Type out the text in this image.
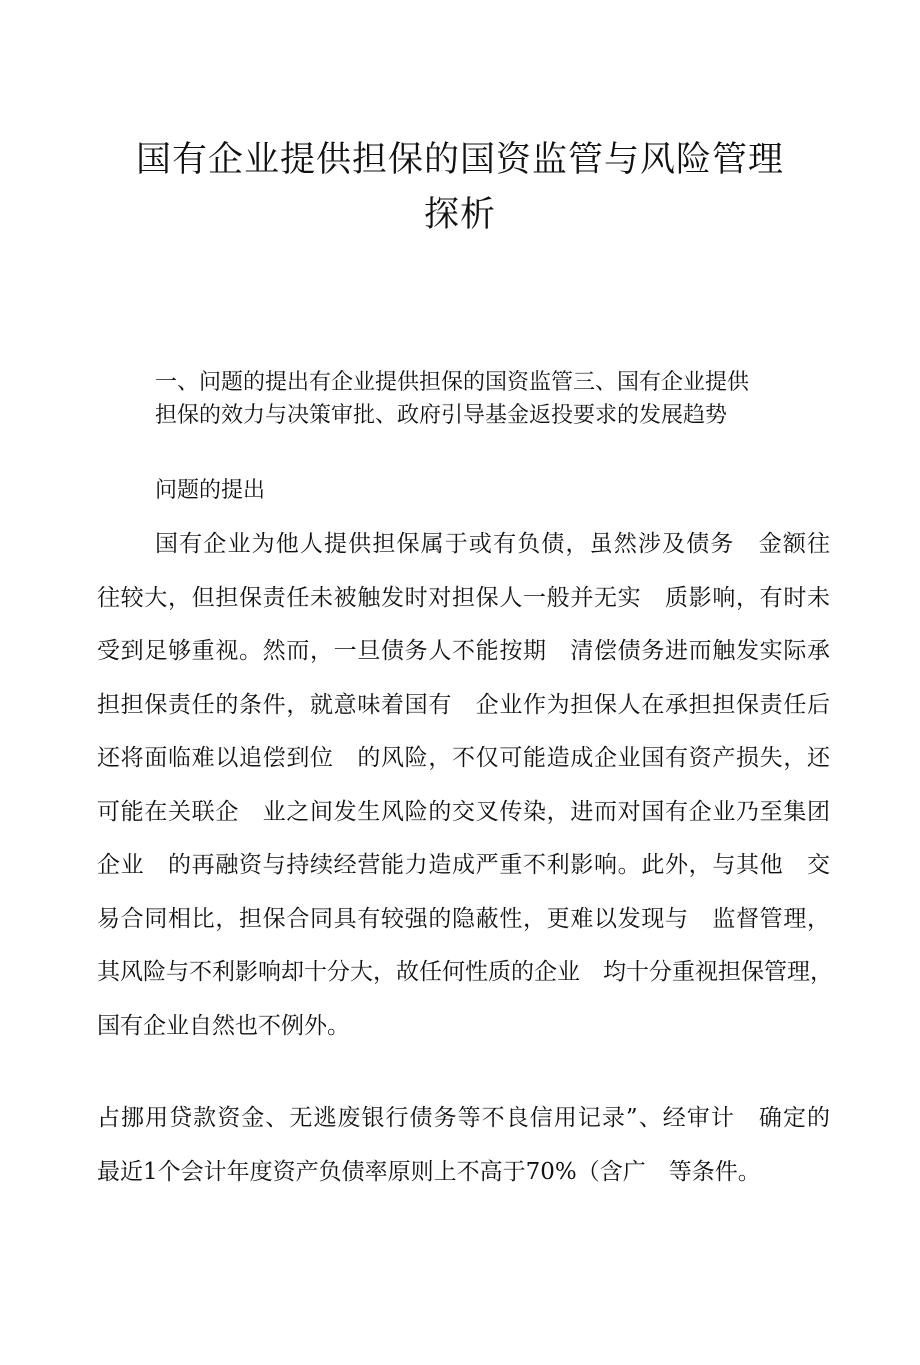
国有企业提供担保的国资监管与风险管理
探析
一、问题的提出有企业提供担保的国资监管三、国有企业提供
担保的效力与决策审批、政府引导基金返投要求的发展趋势
问题的提出
国有企业为他人提供担保属于或有负债，虽然涉及债务　金额往
往较大，但担保责任未被触发时对担保人一般并无实　质影响，有时未
受到足够重视。然而，一旦债务人不能按期　清偿债务进而触发实际承
担担保责任的条件，就意味着国有　企业作为担保人在承担担保责任后
还将面临难以追偿到位　的风险，不仅可能造成企业国有资产损失，还
可能在关联企　业之间发生风险的交叉传染，进而对国有企业乃至集团
企业　的再融资与持续经营能力造成严重不利影响。此外，与其他　交
易合同相比，担保合同具有较强的隐蔽性，更难以发现与　监督管理，
其风险与不利影响却十分大，故任何性质的企业　均十分重视担保管理，
国有企业自然也不例外。
占挪用贷款资金、无逃废银行债务等不良信用记录”、经审计　确定的
最近1个会计年度资产负债率原则上不高于70%（含广　等条件。
